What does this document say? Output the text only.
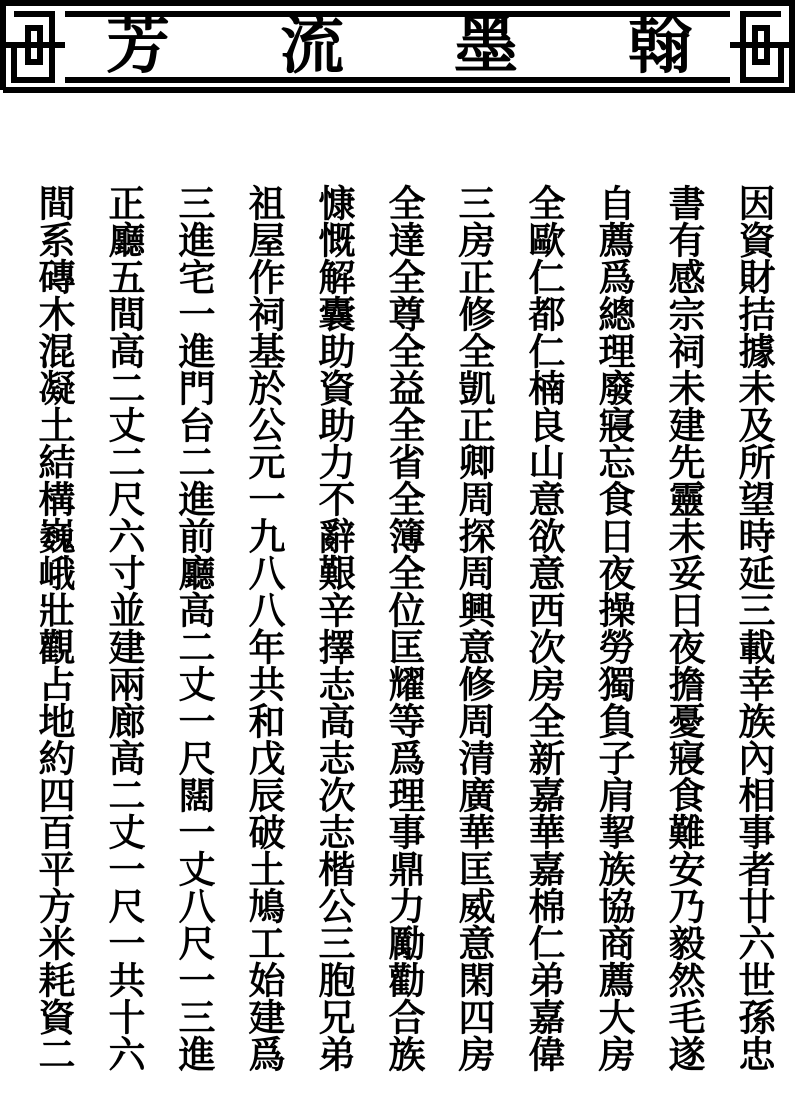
芳 流 墨 翰
因資財拮據未及所望時延三載幸族內相事者廿六世孫忠
書有感宗祠未建先靈未妥日夜擔憂寢食難安乃毅然毛遂
自薦爲總理廢寢忘食日夜操勞獨負子肩挈族協商薦大房
全歐仁都仁楠良山意欲意西次房全新嘉華嘉棉仁弟嘉偉
三房正修全凱正卿周探周興意修周清廣華匡威意閑四房
全達全尊全益全省全簿全位匡耀等爲理事鼎力勵勸合族
慷慨解囊助資助力不辭艱辛擇志高志次志楷公三胞兄弟
祖屋作祠基於公元一九八八年共和戊辰破土鳩工始建爲
三進宅一進門台二進前廳高二丈一尺闊一丈八尺一三進
正廳五間高二丈二尺六寸並建兩廊高二丈一尺一共十六
間系磚木混凝土結構巍峨壯觀占地約四百平方米耗資二
